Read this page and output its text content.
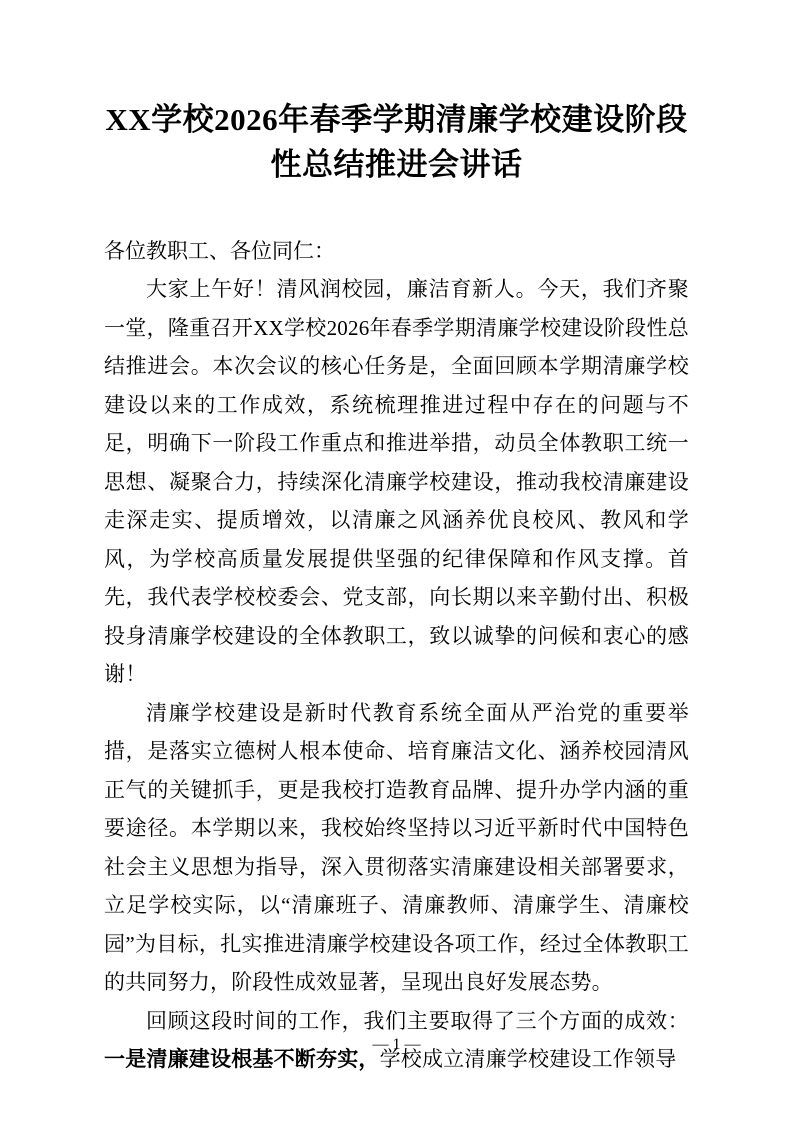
XX学校2026年春季学期清廉学校建设阶段性总结推进会讲话

各位教职工、各位同仁：

大家上午好！清风润校园，廉洁育新人。今天，我们齐聚一堂，隆重召开XX学校2026年春季学期清廉学校建设阶段性总结推进会。本次会议的核心任务是，全面回顾本学期清廉学校建设以来的工作成效，系统梳理推进过程中存在的问题与不足，明确下一阶段工作重点和推进举措，动员全体教职工统一思想、凝聚合力，持续深化清廉学校建设，推动我校清廉建设走深走实、提质增效，以清廉之风涵养优良校风、教风和学风，为学校高质量发展提供坚强的纪律保障和作风支撑。首先，我代表学校校委会、党支部，向长期以来辛勤付出、积极投身清廉学校建设的全体教职工，致以诚挚的问候和衷心的感谢！

清廉学校建设是新时代教育系统全面从严治党的重要举措，是落实立德树人根本使命、培育廉洁文化、涵养校园清风正气的关键抓手，更是我校打造教育品牌、提升办学内涵的重要途径。本学期以来，我校始终坚持以习近平新时代中国特色社会主义思想为指导，深入贯彻落实清廉建设相关部署要求，立足学校实际，以“清廉班子、清廉教师、清廉学生、清廉校园”为目标，扎实推进清廉学校建设各项工作，经过全体教职工的共同努力，阶段性成效显著，呈现出良好发展态势。

回顾这段时间的工作，我们主要取得了三个方面的成效：一是清廉建设根基不断夯实，学校成立清廉学校建设工作领导

— 1 —
